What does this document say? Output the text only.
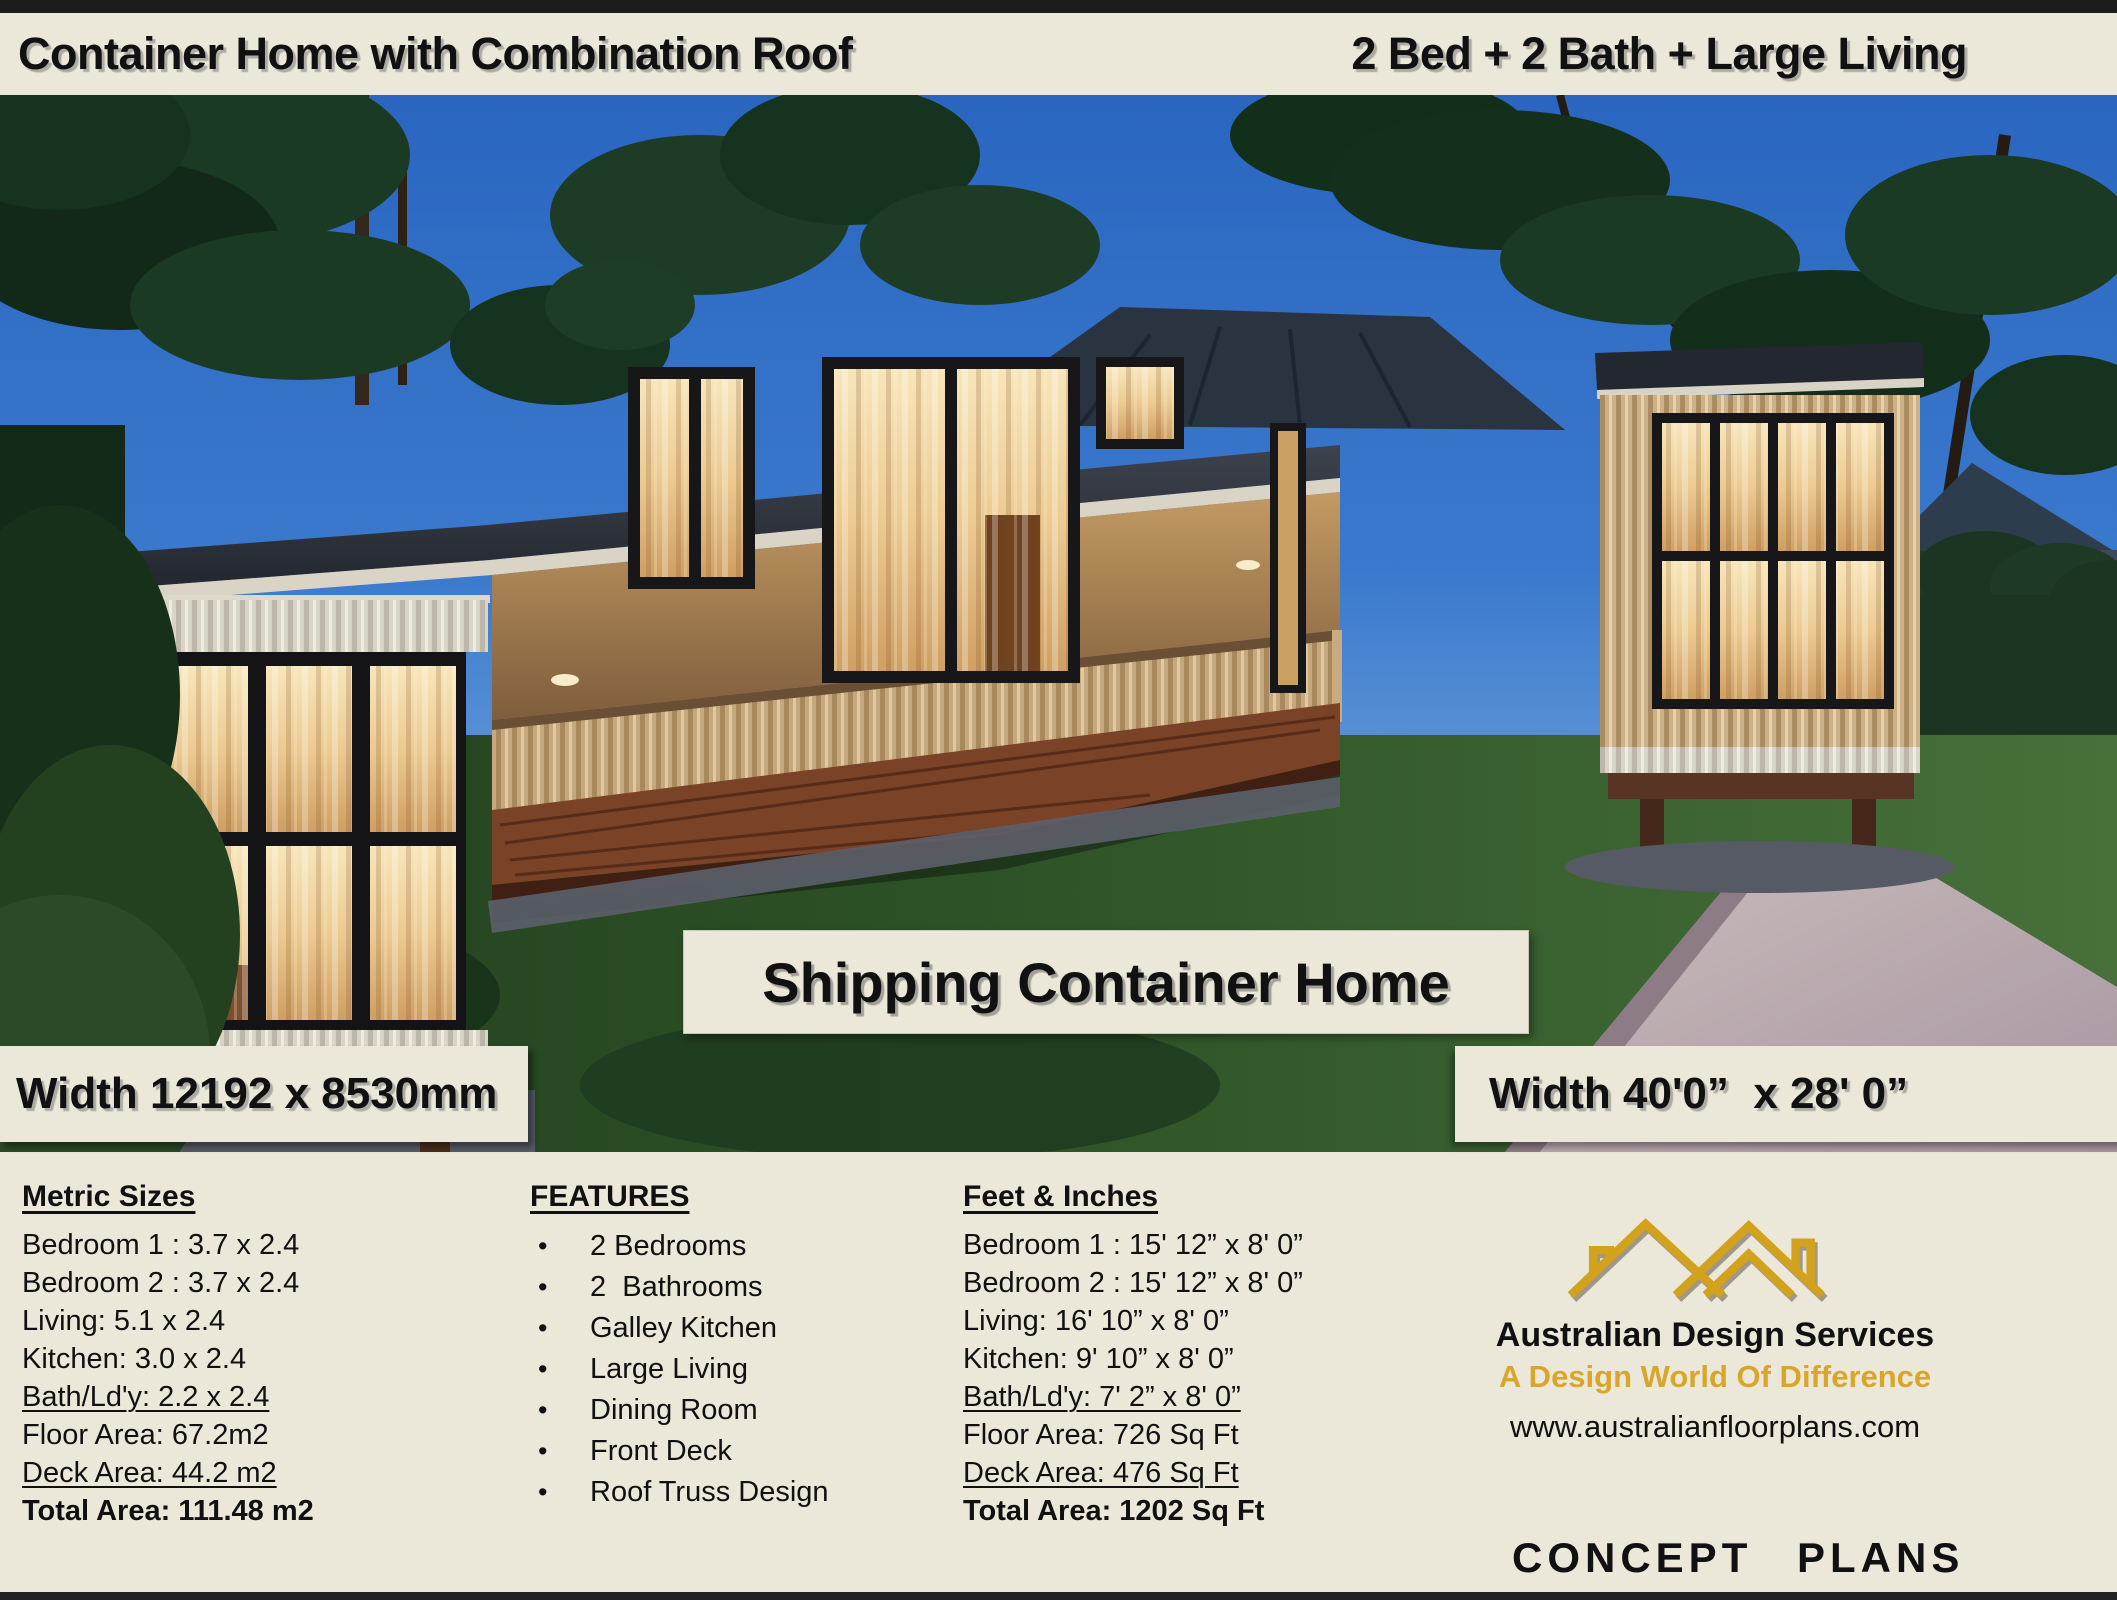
Container Home with Combination Roof	2 Bed + 2 Bath + Large Living
Shipping Container Home
Width 12192 x 8530mm	Width 40'0”  x 28' 0”
Metric Sizes
Bedroom 1 : 3.7 x 2.4
Bedroom 2 : 3.7 x 2.4
Living: 5.1 x 2.4
Kitchen: 3.0 x 2.4
Bath/Ld'y: 2.2 x 2.4
Floor Area: 67.2m2
Deck Area: 44.2 m2
Total Area: 111.48 m2
FEATURES
•	2 Bedrooms
•	2  Bathrooms
•	Galley Kitchen
•	Large Living
•	Dining Room
•	Front Deck
•	Roof Truss Design
Feet & Inches
Bedroom 1 : 15' 12” x 8' 0”
Bedroom 2 : 15' 12” x 8' 0”
Living: 16' 10” x 8' 0”
Kitchen: 9' 10” x 8' 0”
Bath/Ld'y: 7' 2” x 8' 0”
Floor Area: 726 Sq Ft
Deck Area: 476 Sq Ft
Total Area: 1202 Sq Ft
Australian Design Services
A Design World Of Difference
www.australianfloorplans.com
CONCEPT PLANS
